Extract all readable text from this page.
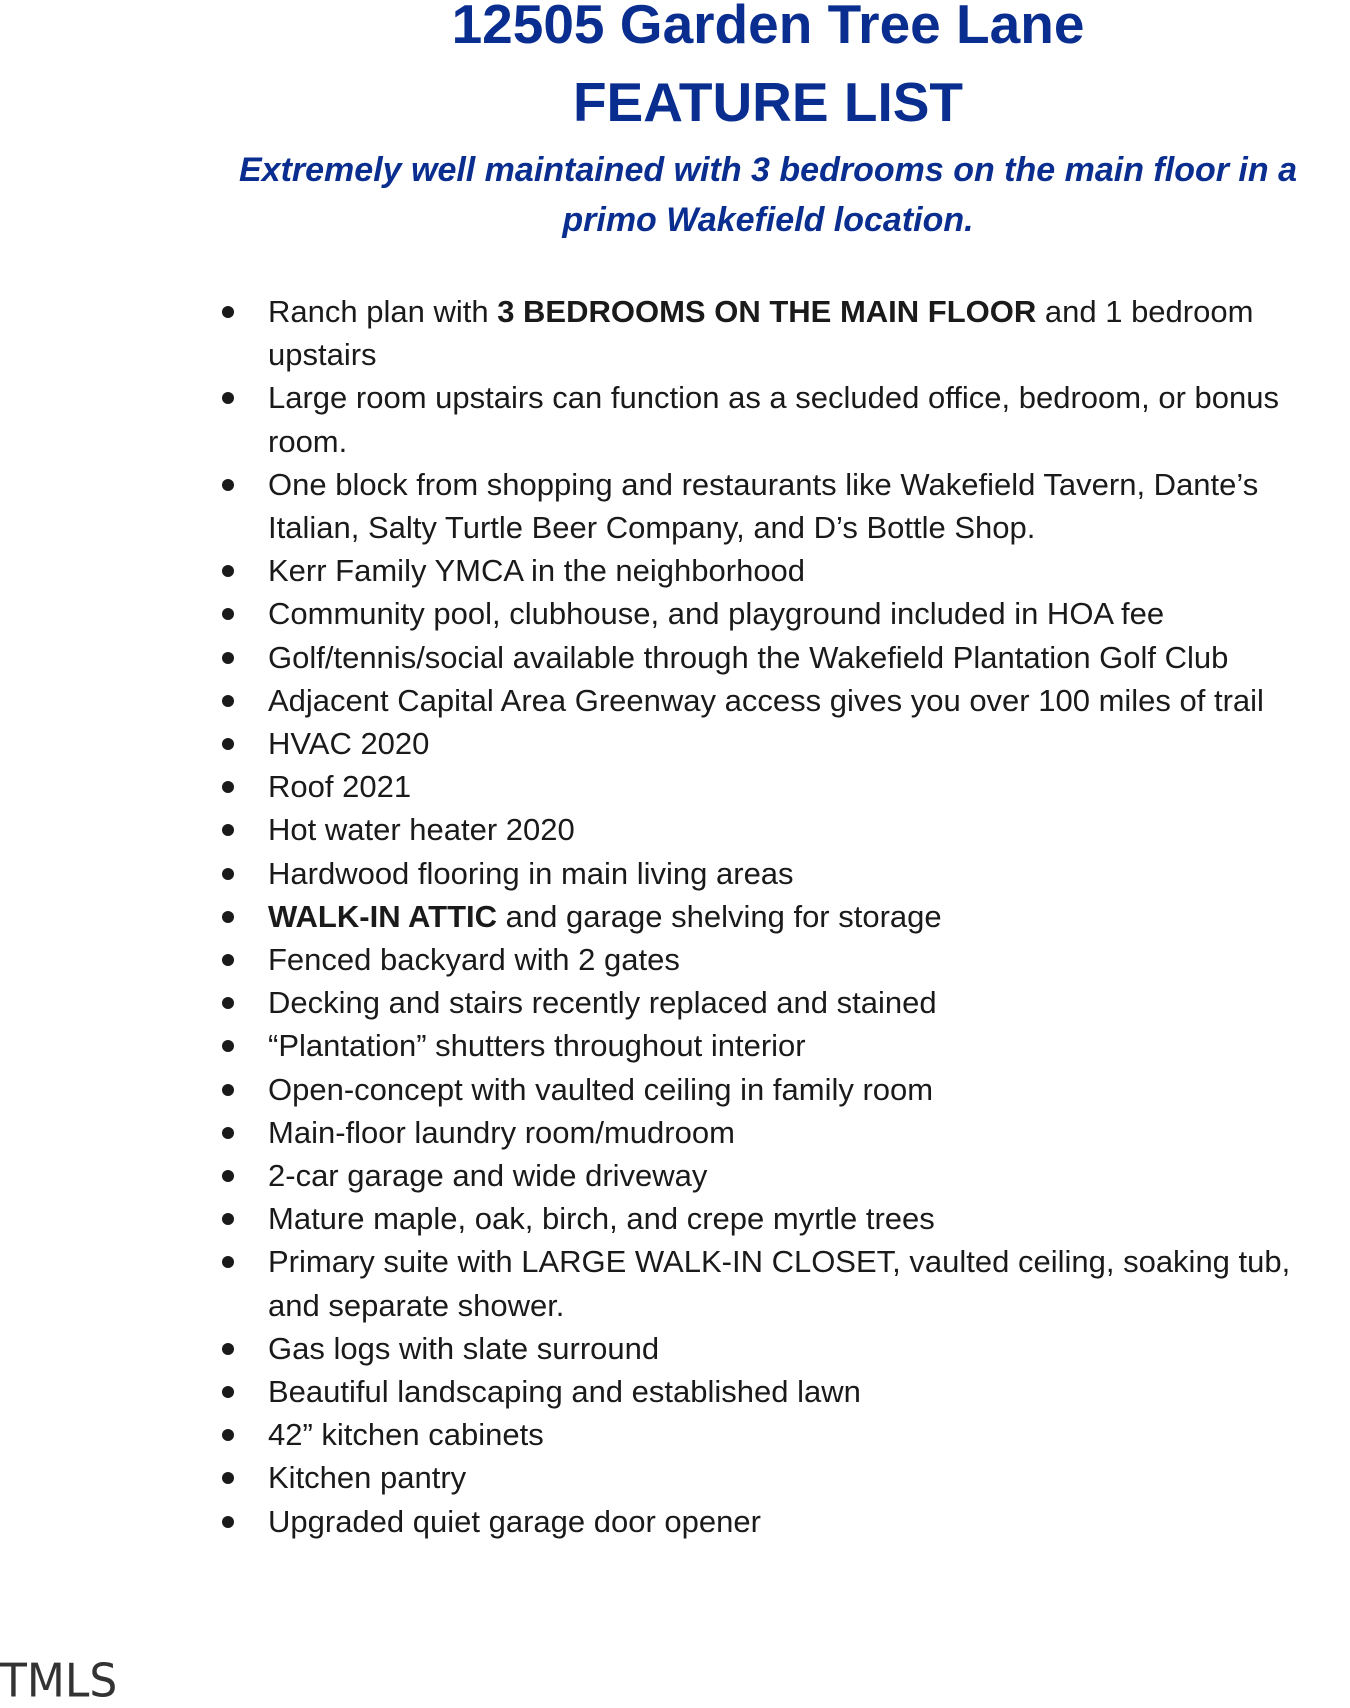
12505 Garden Tree Lane
FEATURE LIST
Extremely well maintained with 3 bedrooms on the main floor in a
primo Wakefield location.
Ranch plan with 3 BEDROOMS ON THE MAIN FLOOR and 1 bedroom upstairs
Large room upstairs can function as a secluded office, bedroom, or bonus room.
One block from shopping and restaurants like Wakefield Tavern, Dante’s Italian, Salty Turtle Beer Company, and D’s Bottle Shop.
Kerr Family YMCA in the neighborhood
Community pool, clubhouse, and playground included in HOA fee
Golf/tennis/social available through the Wakefield Plantation Golf Club
Adjacent Capital Area Greenway access gives you over 100 miles of trail
HVAC 2020
Roof 2021
Hot water heater 2020
Hardwood flooring in main living areas
WALK-IN ATTIC and garage shelving for storage
Fenced backyard with 2 gates
Decking and stairs recently replaced and stained
“Plantation” shutters throughout interior
Open-concept with vaulted ceiling in family room
Main-floor laundry room/mudroom
2-car garage and wide driveway
Mature maple, oak, birch, and crepe myrtle trees
Primary suite with LARGE WALK-IN CLOSET, vaulted ceiling, soaking tub, and separate shower.
Gas logs with slate surround
Beautiful landscaping and established lawn
42” kitchen cabinets
Kitchen pantry
Upgraded quiet garage door opener
TMLS
